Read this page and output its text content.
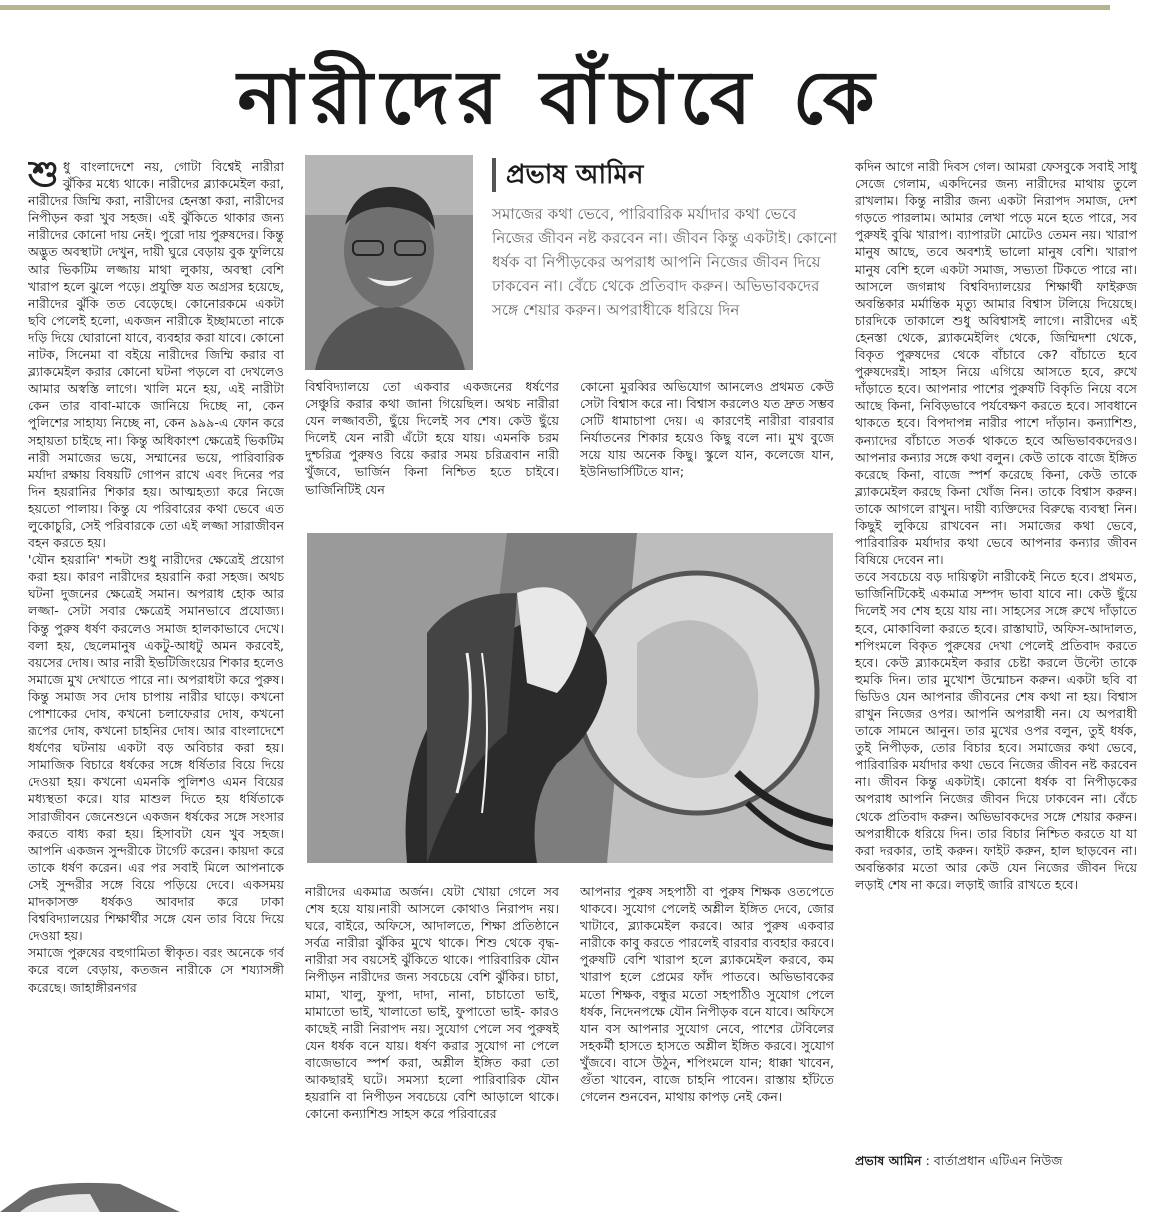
নারীদের বাঁচাবে কে
শু ধু বাংলাদেশে নয়, গোটা বিশ্বেই নারীরা ঝুঁকির মধ্যে থাকে। নারীদের ব্ল্যাকমেইল করা, নারীদের জিম্মি করা, নারীদের হেনস্তা করা, নারীদের নিপীড়ন করা খুব সহজ। এই ঝুঁকিতে থাকার জন্য নারীদের কোনো দায় নেই। পুরো দায় পুরুষদের। কিন্তু অদ্ভুত অবস্থাটা দেখুন, দায়ী ঘুরে বেড়ায় বুক ফুলিয়ে আর ভিকটিম লজ্জায় মাথা লুকায়, অবস্থা বেশি খারাপ হলে ঝুলে পড়ে। প্রযুক্তি যত অগ্রসর হয়েছে, নারীদের ঝুঁকি তত বেড়েছে। কোনোরকমে একটা ছবি পেলেই হলো, একজন নারীকে ইচ্ছামতো নাকে দড়ি দিয়ে ঘোরানো যাবে, ব্যবহার করা যাবে। কোনো নাটক, সিনেমা বা বইয়ে নারীদের জিম্মি করার বা ব্ল্যাকমেইল করার কোনো ঘটনা পড়লে বা দেখলেও আমার অস্বস্তি লাগে। খালি মনে হয়, এই নারীটা কেন তার বাবা-মাকে জানিয়ে দিচ্ছে না, কেন পুলিশের সাহায্য নিচ্ছে না, কেন ৯৯৯-এ ফোন করে সহায়তা চাইছে না। কিন্তু অধিকাংশ ক্ষেত্রেই ভিকটিম নারী সমাজের ভয়ে, সম্মানের ভয়ে, পারিবারিক মর্যাদা রক্ষায় বিষয়টি গোপন রাখে এবং দিনের পর দিন হয়রানির শিকার হয়। আত্মহত্যা করে নিজে হয়তো পালায়। কিন্তু যে পরিবারের কথা ভেবে এত লুকোচুরি, সেই পরিবারকে তো এই লজ্জা সারাজীবন বহন করতে হয়।

'যৌন হয়রানি' শব্দটা শুধু নারীদের ক্ষেত্রেই প্রয়োগ করা হয়। কারণ নারীদের হয়রানি করা সহজ। অথচ ঘটনা দুজনের ক্ষেত্রেই সমান। অপরাধ হোক আর লজ্জা- সেটা সবার ক্ষেত্রেই সমানভাবে প্রযোজ্য। কিন্তু পুরুষ ধর্ষণ করলেও সমাজ হালকাভাবে দেখে। বলা হয়, ছেলেমানুষ একটু-আধটু অমন করবেই, বয়সের দোষ। আর নারী ইভটিজিংয়ের শিকার হলেও সমাজে মুখ দেখাতে পারে না। অপরাধটা করে পুরুষ। কিন্তু সমাজ সব দোষ চাপায় নারীর ঘাড়ে। কখনো পোশাকের দোষ, কখনো চলাফেরার দোষ, কখনো রূপের দোষ, কখনো চাহনির দোষ। আর বাংলাদেশে ধর্ষণের ঘটনায় একটা বড় অবিচার করা হয়। সামাজিক বিচারে ধর্ষকের সঙ্গে ধর্ষিতার বিয়ে দিয়ে দেওয়া হয়। কখনো এমনকি পুলিশও এমন বিয়ের মধ্যস্থতা করে। যার মাশুল দিতে হয় ধর্ষিতাকে সারাজীবন জেনেশুনে একজন ধর্ষকের সঙ্গে সংসার করতে বাধ্য করা হয়। হিসাবটা যেন খুব সহজ। আপনি একজন সুন্দরীকে টার্গেট করেন। কায়দা করে তাকে ধর্ষণ করেন। এর পর সবাই মিলে আপনাকে সেই সুন্দরীর সঙ্গে বিয়ে পড়িয়ে দেবে। একসময় মাদকাসক্ত ধর্ষকও আবদার করে ঢাকা বিশ্ববিদ্যালয়ের শিক্ষার্থীর সঙ্গে যেন তার বিয়ে দিয়ে দেওয়া হয়।

সমাজে পুরুষের বহুগামিতা স্বীকৃত। বরং অনেকে গর্ব করে বলে বেড়ায়, কতজন নারীকে সে শয্যাসঙ্গী করেছে। জাহাঙ্গীরনগর

প্রভাষ আমিন
সমাজের কথা ভেবে, পারিবারিক মর্যাদার কথা ভেবে নিজের জীবন নষ্ট করবেন না। জীবন কিন্তু একটাই। কোনো ধর্ষক বা নিপীড়কের অপরাধ আপনি নিজের জীবন দিয়ে ঢাকবেন না। বেঁচে থেকে প্রতিবাদ করুন। অভিভাবকদের সঙ্গে শেয়ার করুন। অপরাধীকে ধরিয়ে দিন

বিশ্ববিদ্যালয়ে তো একবার একজনের ধর্ষণের সেঞ্চুরি করার কথা জানা গিয়েছিল। অথচ নারীরা যেন লজ্জাবতী, ছুঁয়ে দিলেই সব শেষ। কেউ ছুঁয়ে দিলেই যেন নারী এঁটো হয়ে যায়। এমনকি চরম দুশ্চরিত্র পুরুষও বিয়ে করার সময় চরিত্রবান নারী খুঁজবে, ভার্জিন কিনা নিশ্চিত হতে চাইবে। ভার্জিনিটিই যেন

কোনো মুরব্বির অভিযোগ আনলেও প্রথমত কেউ সেটা বিশ্বাস করে না। বিশ্বাস করলেও যত দ্রুত সম্ভব সেটি ধামাচাপা দেয়। এ কারণেই নারীরা বারবার নির্যাতনের শিকার হয়েও কিছু বলে না। মুখ বুজে সয়ে যায় অনেক কিছু। স্কুলে যান, কলেজে যান, ইউনিভার্সিটিতে যান;

নারীদের একমাত্র অর্জন। যেটা খোয়া গেলে সব শেষ হয়ে যায়।নারী আসলে কোথাও নিরাপদ নয়। ঘরে, বাইরে, অফিসে, আদালতে, শিক্ষা প্রতিষ্ঠানে সর্বত্র নারীরা ঝুঁকির মুখে থাকে। শিশু থেকে বৃদ্ধ- নারীরা সব বয়সেই ঝুঁকিতে থাকে। পারিবারিক যৌন নিপীড়ন নারীদের জন্য সবচেয়ে বেশি ঝুঁকির। চাচা, মামা, খালু, ফুপা, দাদা, নানা, চাচাতো ভাই, মামাতো ভাই, খালাতো ভাই, ফুপাতো ভাই- কারও কাছেই নারী নিরাপদ নয়। সুযোগ পেলে সব পুরুষই যেন ধর্ষক বনে যায়। ধর্ষণ করার সুযোগ না পেলে বাজেভাবে স্পর্শ করা, অশ্লীল ইঙ্গিত করা তো আকছারই ঘটে। সমস্যা হলো পারিবারিক যৌন হয়রানি বা নিপীড়ন সবচেয়ে বেশি আড়ালে থাকে। কোনো কন্যাশিশু সাহস করে পরিবারের

আপনার পুরুষ সহপাঠী বা পুরুষ শিক্ষক ওতপেতে থাকবে। সুযোগ পেলেই অশ্লীল ইঙ্গিত দেবে, জোর খাটাবে, ব্ল্যাকমেইল করবে। আর পুরুষ একবার নারীকে কাবু করতে পারলেই বারবার ব্যবহার করবে। পুরুষটি বেশি খারাপ হলে ব্ল্যাকমেইল করবে, কম খারাপ হলে প্রেমের ফাঁদ পাতবে। অভিভাবকের মতো শিক্ষক, বন্ধুর মতো সহপাঠীও সুযোগ পেলে ধর্ষক, নিদেনপক্ষে যৌন নিপীড়ক বনে যাবে। অফিসে যান বস আপনার সুযোগ নেবে, পাশের টেবিলের সহকর্মী হাসতে হাসতে অশ্লীল ইঙ্গিত করবে। সুযোগ খুঁজবে। বাসে উঠুন, শপিংমলে যান; ধাক্কা খাবেন, গুঁতা খাবেন, বাজে চাহনি পাবেন। রাস্তায় হাঁটতে গেলেন শুনবেন, মাথায় কাপড় নেই কেন।

কদিন আগে নারী দিবস গেল। আমরা ফেসবুকে সবাই সাধু সেজে গেলাম, একদিনের জন্য নারীদের মাথায় তুলে রাখলাম। কিন্তু নারীর জন্য একটা নিরাপদ সমাজ, দেশ গড়তে পারলাম। আমার লেখা পড়ে মনে হতে পারে, সব পুরুষই বুঝি খারাপ। ব্যাপারটা মোটেও তেমন নয়। খারাপ মানুষ আছে, তবে অবশ্যই ভালো মানুষ বেশি। খারাপ মানুষ বেশি হলে একটা সমাজ, সভ্যতা টিকতে পারে না। আসলে জগন্নাথ বিশ্ববিদ্যালয়ের শিক্ষার্থী ফাইরুজ অবন্তিকার মর্মান্তিক মৃত্যু আমার বিশ্বাস টলিয়ে দিয়েছে। চারদিকে তাকালে শুধু অবিশ্বাসই লাগে। নারীদের এই হেনস্তা থেকে, ব্ল্যাকমেইলিং থেকে, জিম্মিদশা থেকে, বিকৃত পুরুষদের থেকে বাঁচাবে কে? বাঁচাতে হবে পুরুষদেরই। সাহস নিয়ে এগিয়ে আসতে হবে, রুখে দাঁড়াতে হবে। আপনার পাশের পুরুষটি বিকৃতি নিয়ে বসে আছে কিনা, নিবিড়ভাবে পর্যবেক্ষণ করতে হবে। সাবধানে থাকতে হবে। বিপদাপন্ন নারীর পাশে দাঁড়ান। কন্যাশিশু, কন্যাদের বাঁচাতে সতর্ক থাকতে হবে অভিভাবকদেরও। আপনার কন্যার সঙ্গে কথা বলুন। কেউ তাকে বাজে ইঙ্গিত করেছে কিনা, বাজে স্পর্শ করেছে কিনা, কেউ তাকে ব্ল্যাকমেইল করছে কিনা খোঁজ নিন। তাকে বিশ্বাস করুন। তাকে আগলে রাখুন। দায়ী ব্যক্তিদের বিরুদ্ধে ব্যবস্থা নিন। কিছুই লুকিয়ে রাখবেন না। সমাজের কথা ভেবে, পারিবারিক মর্যাদার কথা ভেবে আপনার কন্যার জীবন বিষিয়ে দেবেন না।

তবে সবচেয়ে বড় দায়িত্বটা নারীকেই নিতে হবে। প্রথমত, ভার্জিনিটিকেই একমাত্র সম্পদ ভাবা যাবে না। কেউ ছুঁয়ে দিলেই সব শেষ হয়ে যায় না। সাহসের সঙ্গে রুখে দাঁড়াতে হবে, মোকাবিলা করতে হবে। রাস্তাঘাট, অফিস-আদালত, শপিংমলে বিকৃত পুরুষের দেখা পেলেই প্রতিবাদ করতে হবে। কেউ ব্ল্যাকমেইল করার চেষ্টা করলে উল্টো তাকে হুমকি দিন। তার মুখোশ উন্মোচন করুন। একটা ছবি বা ভিডিও যেন আপনার জীবনের শেষ কথা না হয়। বিশ্বাস রাখুন নিজের ওপর। আপনি অপরাধী নন। যে অপরাধী তাকে সামনে আনুন। তার মুখের ওপর বলুন, তুই ধর্ষক, তুই নিপীড়ক, তোর বিচার হবে। সমাজের কথা ভেবে, পারিবারিক মর্যাদার কথা ভেবে নিজের জীবন নষ্ট করবেন না। জীবন কিন্তু একটাই। কোনো ধর্ষক বা নিপীড়কের অপরাধ আপনি নিজের জীবন দিয়ে ঢাকবেন না। বেঁচে থেকে প্রতিবাদ করুন। অভিভাবকদের সঙ্গে শেয়ার করুন। অপরাধীকে ধরিয়ে দিন। তার বিচার নিশ্চিত করতে যা যা করা দরকার, তাই করুন। ফাইট করুন, হাল ছাড়বেন না। অবন্তিকার মতো আর কেউ যেন নিজের জীবন দিয়ে লড়াই শেষ না করে। লড়াই জারি রাখতে হবে।

প্রভাষ আমিন : বার্তাপ্রধান এটিএন নিউজ
